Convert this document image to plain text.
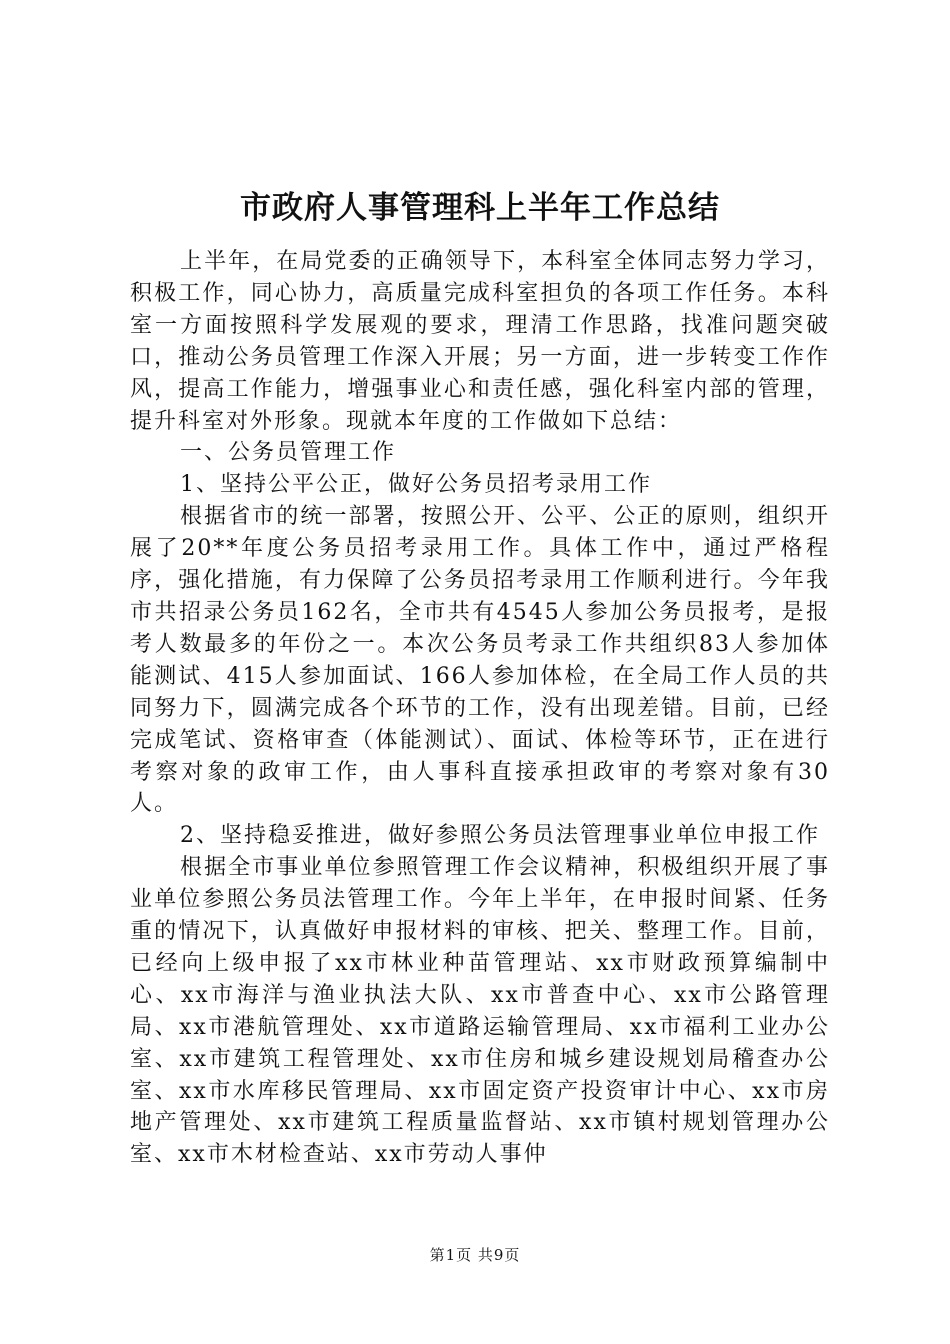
市政府人事管理科上半年工作总结

上半年，在局党委的正确领导下，本科室全体同志努力学习，积极工作，同心协力，高质量完成科室担负的各项工作任务。本科室一方面按照科学发展观的要求，理清工作思路，找准问题突破口，推动公务员管理工作深入开展；另一方面，进一步转变工作作风，提高工作能力，增强事业心和责任感，强化科室内部的管理，提升科室对外形象。现就本年度的工作做如下总结：

一、公务员管理工作

1、坚持公平公正，做好公务员招考录用工作

根据省市的统一部署，按照公开、公平、公正的原则，组织开展了20**年度公务员招考录用工作。具体工作中，通过严格程序，强化措施，有力保障了公务员招考录用工作顺利进行。今年我市共招录公务员162名，全市共有4545人参加公务员报考，是报考人数最多的年份之一。本次公务员考录工作共组织83人参加体能测试、415人参加面试、166人参加体检，在全局工作人员的共同努力下，圆满完成各个环节的工作，没有出现差错。目前，已经完成笔试、资格审查（体能测试）、面试、体检等环节，正在进行考察对象的政审工作，由人事科直接承担政审的考察对象有30人。

2、坚持稳妥推进，做好参照公务员法管理事业单位申报工作

根据全市事业单位参照管理工作会议精神，积极组织开展了事业单位参照公务员法管理工作。今年上半年，在申报时间紧、任务重的情况下，认真做好申报材料的审核、把关、整理工作。目前，已经向上级申报了xx市林业种苗管理站、xx市财政预算编制中心、xx市海洋与渔业执法大队、xx市普查中心、xx市公路管理局、xx市港航管理处、xx市道路运输管理局、xx市福利工业办公室、xx市建筑工程管理处、xx市住房和城乡建设规划局稽查办公室、xx市水库移民管理局、xx市固定资产投资审计中心、xx市房地产管理处、xx市建筑工程质量监督站、xx市镇村规划管理办公室、xx市木材检查站、xx市劳动人事仲

第1页 共9页
